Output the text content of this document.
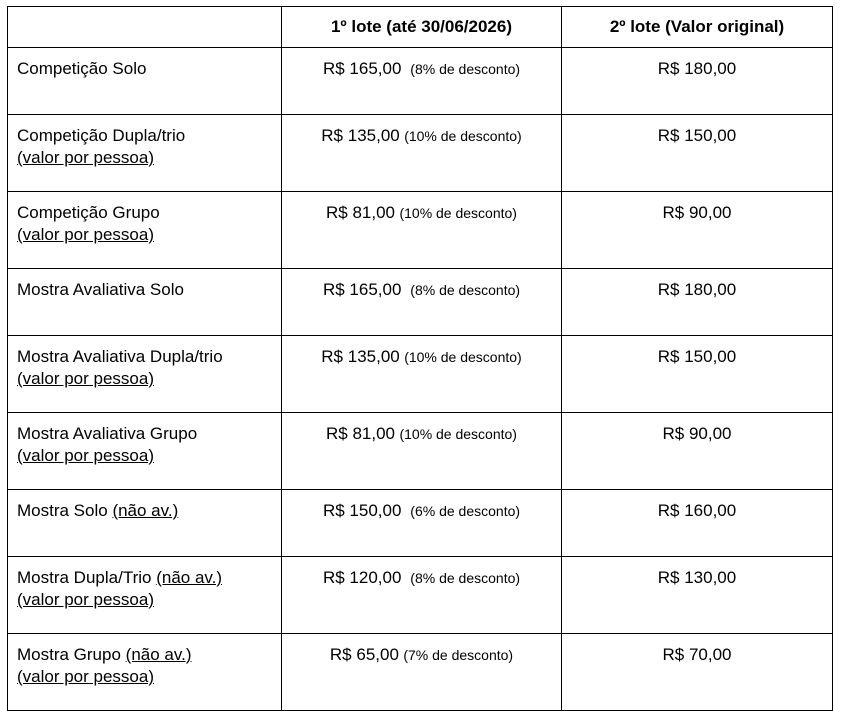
	1º lote (até 30/06/2026)	2º lote (Valor original)
Competição Solo	R$ 165,00 (8% de desconto)	R$ 180,00
Competição Dupla/trio
(valor por pessoa)	R$ 135,00 (10% de desconto)	R$ 150,00
Competição Grupo
(valor por pessoa)	R$ 81,00 (10% de desconto)	R$ 90,00
Mostra Avaliativa Solo	R$ 165,00 (8% de desconto)	R$ 180,00
Mostra Avaliativa Dupla/trio
(valor por pessoa)	R$ 135,00 (10% de desconto)	R$ 150,00
Mostra Avaliativa Grupo
(valor por pessoa)	R$ 81,00 (10% de desconto)	R$ 90,00
Mostra Solo (não av.)	R$ 150,00 (6% de desconto)	R$ 160,00
Mostra Dupla/Trio (não av.)
(valor por pessoa)	R$ 120,00 (8% de desconto)	R$ 130,00
Mostra Grupo (não av.)
(valor por pessoa)	R$ 65,00 (7% de desconto)	R$ 70,00
